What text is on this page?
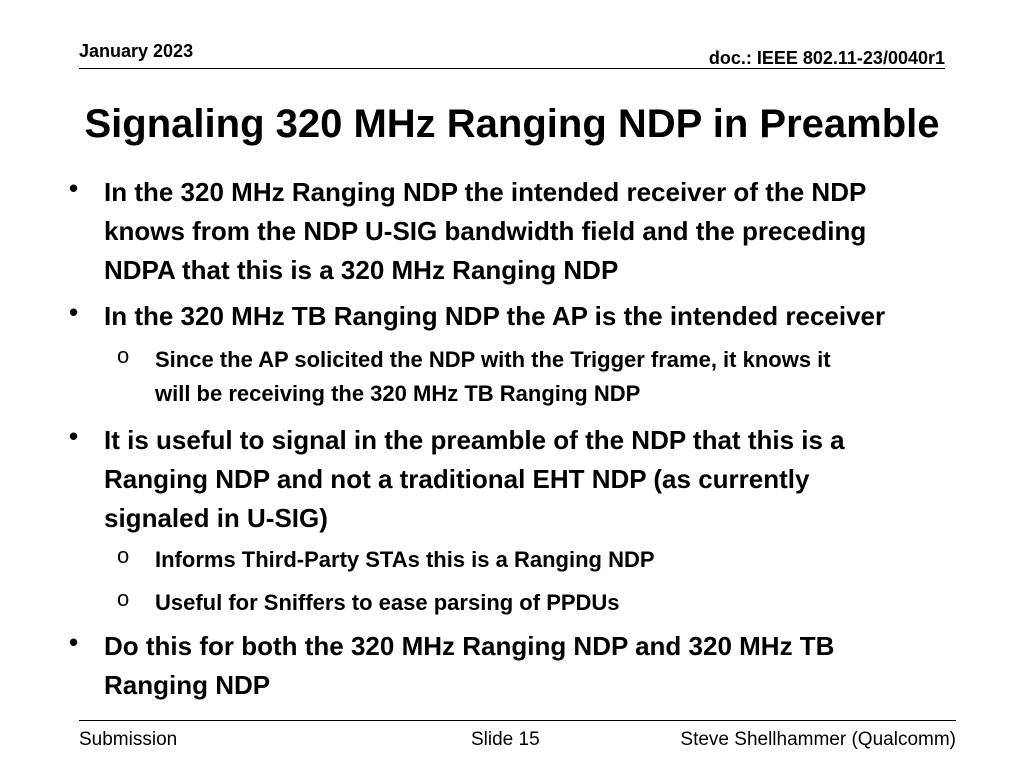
January 2023	doc.: IEEE 802.11-23/0040r1
Signaling 320 MHz Ranging NDP in Preamble
• In the 320 MHz Ranging NDP the intended receiver of the NDP
knows from the NDP U-SIG bandwidth field and the preceding
NDPA that this is a 320 MHz Ranging NDP
• In the 320 MHz TB Ranging NDP the AP is the intended receiver
o Since the AP solicited the NDP with the Trigger frame, it knows it
will be receiving the 320 MHz TB Ranging NDP
• It is useful to signal in the preamble of the NDP that this is a
Ranging NDP and not a traditional EHT NDP (as currently
signaled in U-SIG)
o Informs Third-Party STAs this is a Ranging NDP
o Useful for Sniffers to ease parsing of PPDUs
• Do this for both the 320 MHz Ranging NDP and 320 MHz TB
Ranging NDP
Submission	Slide 15	Steve Shellhammer (Qualcomm)
